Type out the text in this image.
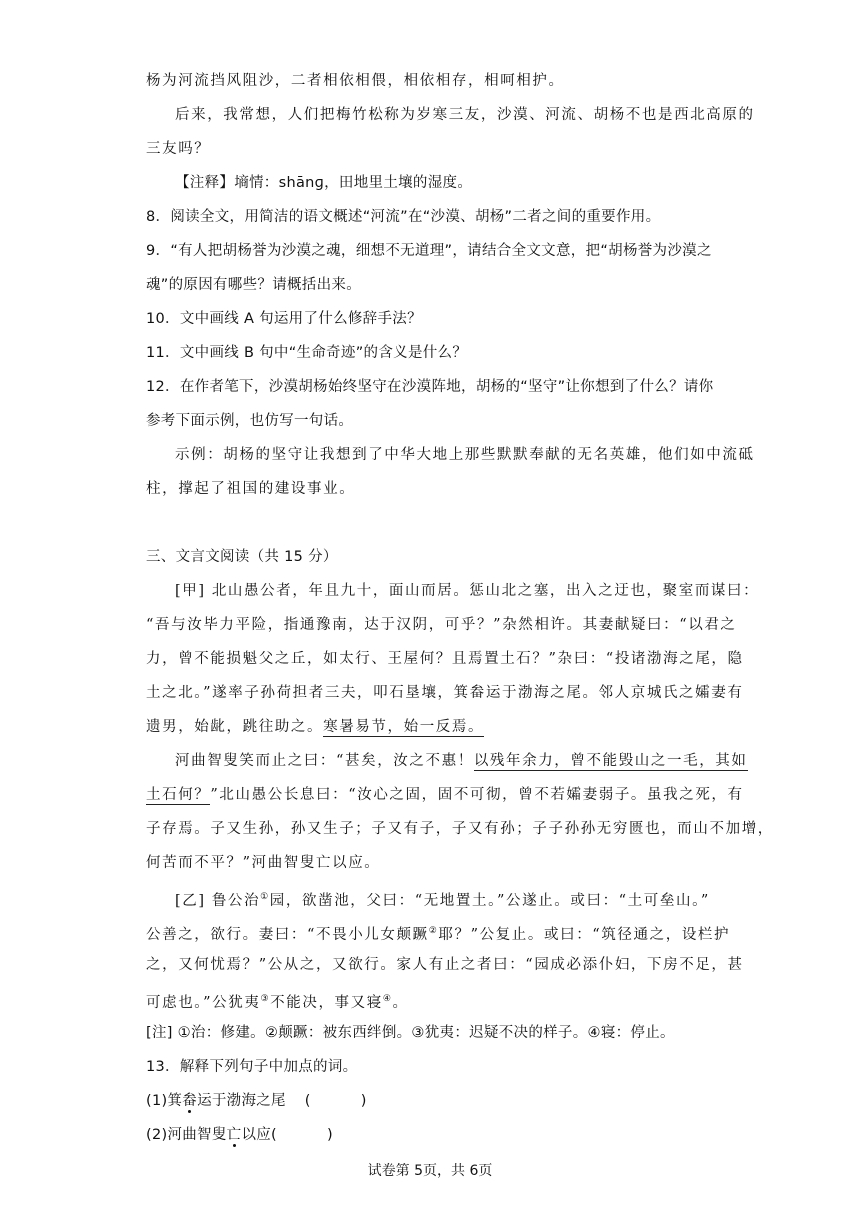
杨为河流挡风阻沙，二者相依相偎，相依相存，相呵相护。
后来，我常想，人们把梅竹松称为岁寒三友，沙漠、河流、胡杨不也是西北高原的
三友吗？
【注释】墒情：shānɡ，田地里土壤的湿度。
8．阅读全文，用简洁的语文概述“河流”在“沙漠、胡杨”二者之间的重要作用。
9．“有人把胡杨誉为沙漠之魂，细想不无道理”，请结合全文文意，把“胡杨誉为沙漠之
魂”的原因有哪些？请概括出来。
10．文中画线 A 句运用了什么修辞手法？
11．文中画线 B 句中“生命奇迹”的含义是什么？
12．在作者笔下，沙漠胡杨始终坚守在沙漠阵地，胡杨的“坚守”让你想到了什么？请你
参考下面示例，也仿写一句话。
示例：胡杨的坚守让我想到了中华大地上那些默默奉献的无名英雄，他们如中流砥
柱，撑起了祖国的建设事业。
三、文言文阅读（共 15 分）
[甲] 北山愚公者，年且九十，面山而居。惩山北之塞，出入之迂也，聚室而谋曰：
“吾与汝毕力平险，指通豫南，达于汉阴，可乎？”杂然相许。其妻献疑曰：“以君之
力，曾不能损魁父之丘，如太行、王屋何？且焉置土石？”杂曰：“投诸渤海之尾，隐
土之北。”遂率子孙荷担者三夫，叩石垦壤，箕畚运于渤海之尾。邻人京城氏之孀妻有
遗男，始龀，跳往助之。寒暑易节，始一反焉。
河曲智叟笑而止之曰：“甚矣，汝之不惠！以残年余力，曾不能毁山之一毛，其如
土石何？”北山愚公长息曰：“汝心之固，固不可彻，曾不若孀妻弱子。虽我之死，有
子存焉。子又生孙，孙又生子；子又有子，子又有孙；子子孙孙无穷匮也，而山不加增，
何苦而不平？”河曲智叟亡以应。
[乙] 鲁公治①园，欲凿池，父曰：“无地置土。”公遂止。或曰：“土可垒山。”
公善之，欲行。妻曰：“不畏小儿女颠蹶②耶？”公复止。或曰：“筑径通之，设栏护
之，又何忧焉？”公从之，又欲行。家人有止之者曰：“园成必添仆妇，下房不足，甚
可虑也。”公犹夷③不能决，事又寝④。
[注] ①治：修建。②颠蹶：被东西绊倒。③犹夷：迟疑不决的样子。④寝：停止。
13．解释下列句子中加点的词。
(1)箕畚运于渤海之尾 (	)
(2)河曲智叟亡以应(	)
试卷第 5页，共 6页
